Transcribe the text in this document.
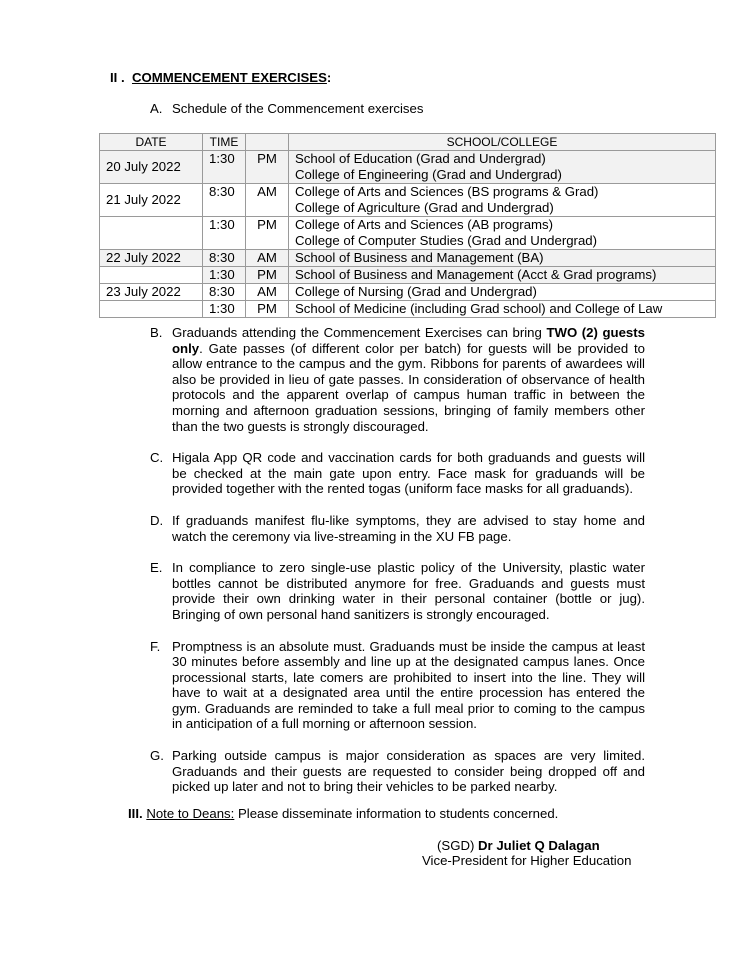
II . COMMENCEMENT EXERCISES:
A. Schedule of the Commencement exercises
DATE	TIME		SCHOOL/COLLEGE
20 July 2022	1:30	PM	School of Education (Grad and Undergrad)
College of Engineering (Grad and Undergrad)

21 July 2022	8:30	AM	College of Arts and Sciences (BS programs & Grad)
College of Agriculture (Grad and Undergrad)

	1:30	PM	College of Arts and Sciences (AB programs)
College of Computer Studies (Grad and Undergrad)

22 July 2022	8:30	AM	School of Business and Management (BA)
	1:30	PM	School of Business and Management (Acct & Grad programs)
23 July 2022	8:30	AM	College of Nursing (Grad and Undergrad)
	1:30	PM	School of Medicine (including Grad school) and College of Law
B. Graduands attending the Commencement Exercises can bring TWO (2) guests only. Gate passes (of different color per batch) for guests will be provided to allow entrance to the campus and the gym. Ribbons for parents of awardees will also be provided in lieu of gate passes. In consideration of observance of health protocols and the apparent overlap of campus human traffic in between the morning and afternoon graduation sessions, bringing of family members other than the two guests is strongly discouraged.
C. Higala App QR code and vaccination cards for both graduands and guests will be checked at the main gate upon entry. Face mask for graduands will be provided together with the rented togas (uniform face masks for all graduands).
D. If graduands manifest flu-like symptoms, they are advised to stay home and watch the ceremony via live-streaming in the XU FB page.
E. In compliance to zero single-use plastic policy of the University, plastic water bottles cannot be distributed anymore for free. Graduands and guests must provide their own drinking water in their personal container (bottle or jug). Bringing of own personal hand sanitizers is strongly encouraged.
F. Promptness is an absolute must. Graduands must be inside the campus at least 30 minutes before assembly and line up at the designated campus lanes. Once processional starts, late comers are prohibited to insert into the line. They will have to wait at a designated area until the entire procession has entered the gym. Graduands are reminded to take a full meal prior to coming to the campus in anticipation of a full morning or afternoon session.
G. Parking outside campus is major consideration as spaces are very limited. Graduands and their guests are requested to consider being dropped off and picked up later and not to bring their vehicles to be parked nearby.
III. Note to Deans: Please disseminate information to students concerned.
(SGD) Dr Juliet Q Dalagan
Vice-President for Higher Education
